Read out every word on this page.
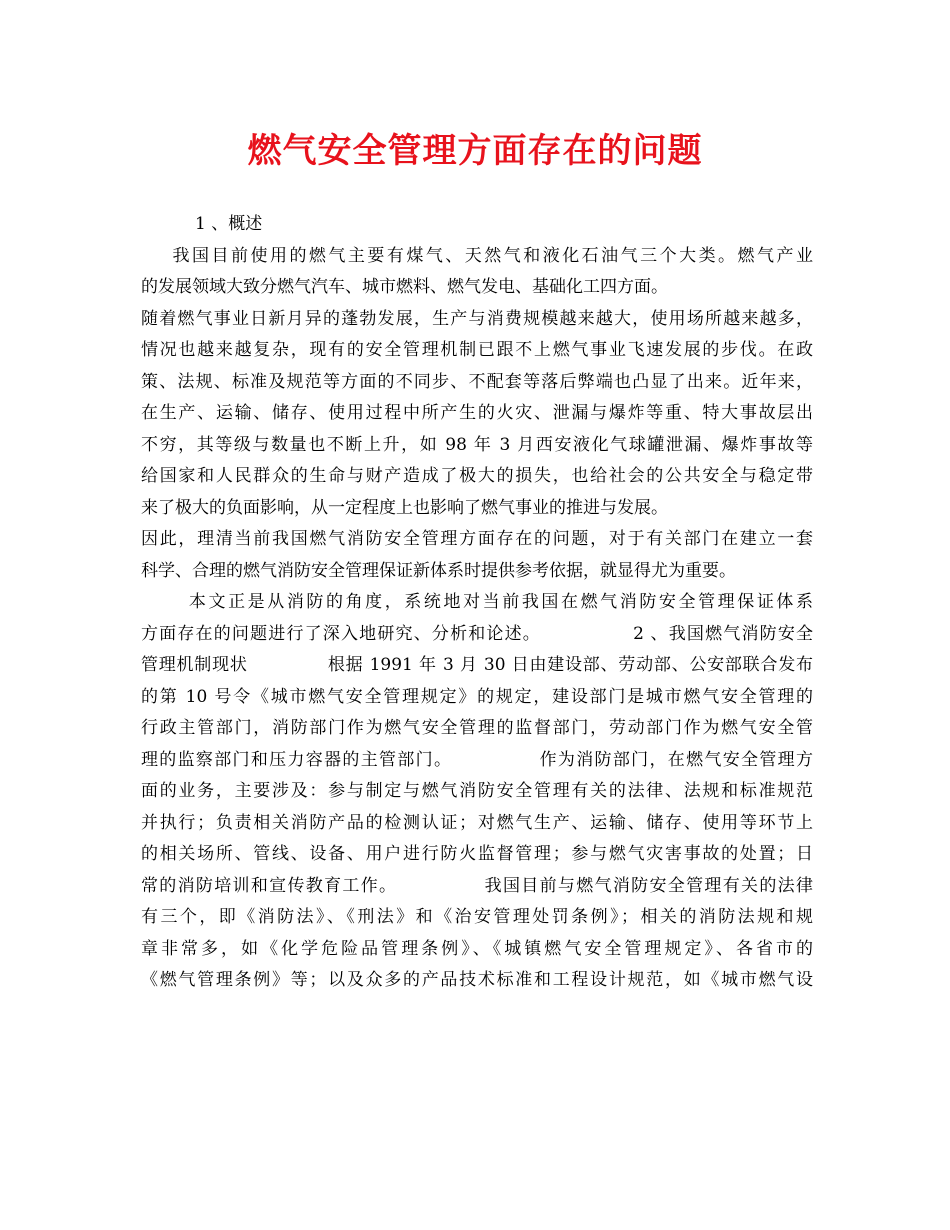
燃气安全管理方面存在的问题
1 、概述
我国目前使用的燃气主要有煤气、天然气和液化石油气三个大类。燃气产业
的发展领域大致分燃气汽车、城市燃料、燃气发电、基础化工四方面。
随着燃气事业日新月异的蓬勃发展，生产与消费规模越来越大，使用场所越来越多，
情况也越来越复杂，现有的安全管理机制已跟不上燃气事业飞速发展的步伐。在政
策、法规、标准及规范等方面的不同步、不配套等落后弊端也凸显了出来。近年来，
在生产、运输、储存、使用过程中所产生的火灾、泄漏与爆炸等重、特大事故层出
不穷，其等级与数量也不断上升，如 98 年 3 月西安液化气球罐泄漏、爆炸事故等
给国家和人民群众的生命与财产造成了极大的损失，也给社会的公共安全与稳定带
来了极大的负面影响，从一定程度上也影响了燃气事业的推进与发展。
因此，理清当前我国燃气消防安全管理方面存在的问题，对于有关部门在建立一套
科学、合理的燃气消防安全管理保证新体系时提供参考依据，就显得尤为重要。
本文正是从消防的角度，系统地对当前我国在燃气消防安全管理保证体系
方面存在的问题进行了深入地研究、分析和论述。              2 、我国燃气消防安全
管理机制现状             根据 1991 年 3 月 30 日由建设部、劳动部、公安部联合发布
的第 10 号令《城市燃气安全管理规定》的规定，建设部门是城市燃气安全管理的
行政主管部门，消防部门作为燃气安全管理的监督部门，劳动部门作为燃气安全管
理的监察部门和压力容器的主管部门。             作为消防部门，在燃气安全管理方
面的业务，主要涉及：参与制定与燃气消防安全管理有关的法律、法规和标准规范
并执行；负责相关消防产品的检测认证；对燃气生产、运输、储存、使用等环节上
的相关场所、管线、设备、用户进行防火监督管理；参与燃气灾害事故的处置；日
常的消防培训和宣传教育工作。             我国目前与燃气消防安全管理有关的法律
有三个，即《消防法》、《刑法》和《治安管理处罚条例》；相关的消防法规和规
章非常多，如《化学危险品管理条例》、《城镇燃气安全管理规定》、各省市的
《燃气管理条例》等；以及众多的产品技术标准和工程设计规范，如《城市燃气设
